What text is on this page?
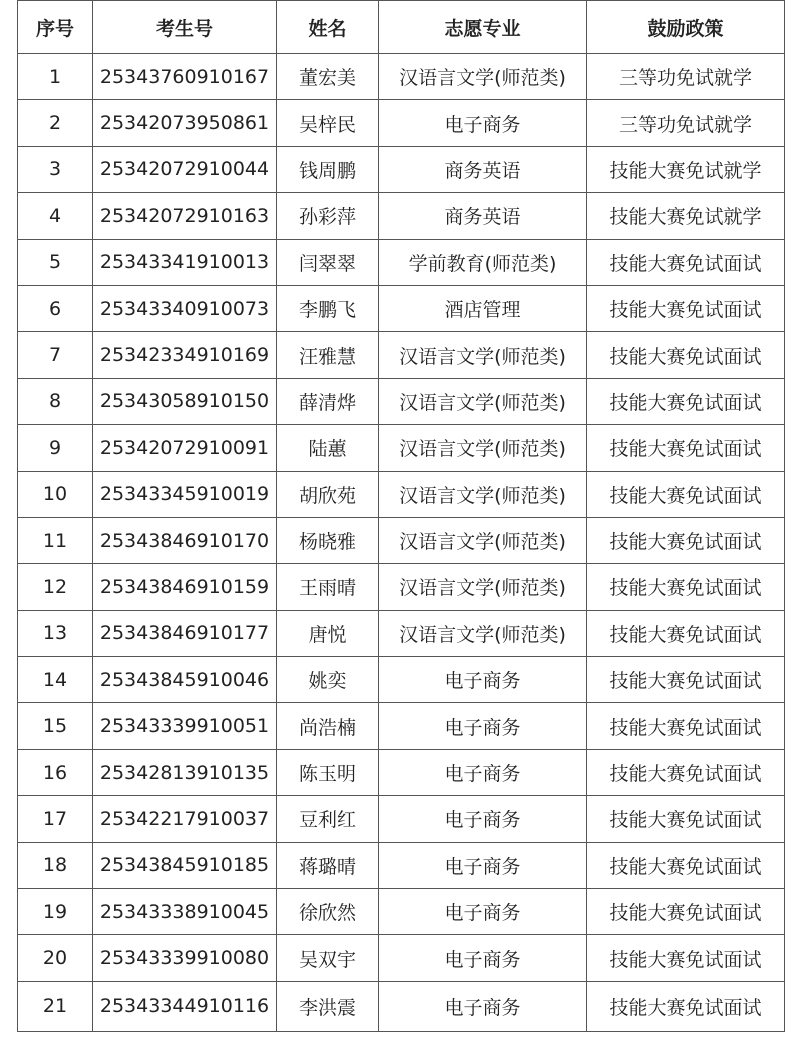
序号	考生号	姓名	志愿专业	鼓励政策
1	25343760910167	董宏美	汉语言文学(师范类)	三等功免试就学
2	25342073950861	吴梓民	电子商务	三等功免试就学
3	25342072910044	钱周鹏	商务英语	技能大赛免试就学
4	25342072910163	孙彩萍	商务英语	技能大赛免试就学
5	25343341910013	闫翠翠	学前教育(师范类)	技能大赛免试面试
6	25343340910073	李鹏飞	酒店管理	技能大赛免试面试
7	25342334910169	汪雅慧	汉语言文学(师范类)	技能大赛免试面试
8	25343058910150	薛清烨	汉语言文学(师范类)	技能大赛免试面试
9	25342072910091	陆蕙	汉语言文学(师范类)	技能大赛免试面试
10	25343345910019	胡欣苑	汉语言文学(师范类)	技能大赛免试面试
11	25343846910170	杨晓雅	汉语言文学(师范类)	技能大赛免试面试
12	25343846910159	王雨晴	汉语言文学(师范类)	技能大赛免试面试
13	25343846910177	唐悦	汉语言文学(师范类)	技能大赛免试面试
14	25343845910046	姚奕	电子商务	技能大赛免试面试
15	25343339910051	尚浩楠	电子商务	技能大赛免试面试
16	25342813910135	陈玉明	电子商务	技能大赛免试面试
17	25342217910037	豆利红	电子商务	技能大赛免试面试
18	25343845910185	蒋璐晴	电子商务	技能大赛免试面试
19	25343338910045	徐欣然	电子商务	技能大赛免试面试
20	25343339910080	吴双宇	电子商务	技能大赛免试面试
21	25343344910116	李洪震	电子商务	技能大赛免试面试
